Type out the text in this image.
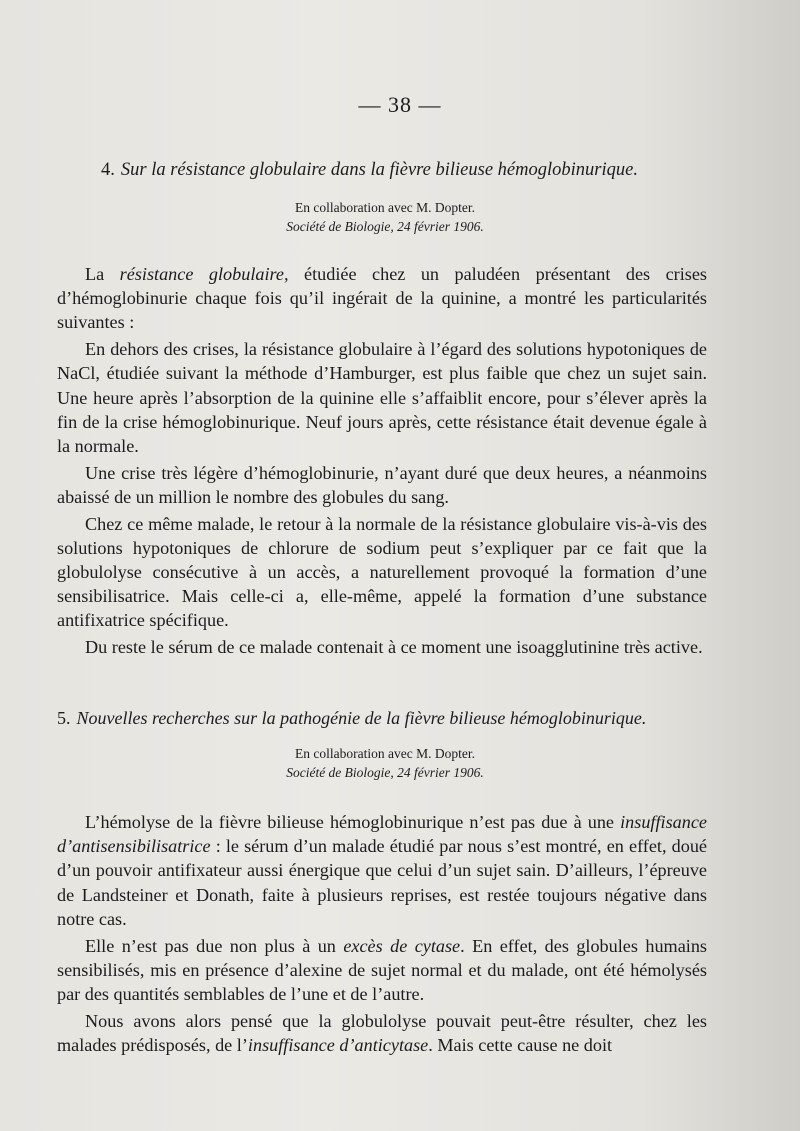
— 38 —
4. Sur la résistance globulaire dans la fièvre bilieuse hémoglobinurique.
En collaboration avec M. Dopter.
Société de Biologie, 24 février 1906.

La résistance globulaire, étudiée chez un paludéen présentant des crises d’hémoglobinurie chaque fois qu’il ingérait de la quinine, a montré les particularités suivantes :

En dehors des crises, la résistance globulaire à l’égard des solutions hypotoniques de NaCl, étudiée suivant la méthode d’Hamburger, est plus faible que chez un sujet sain. Une heure après l’absorption de la quinine elle s’affaiblit encore, pour s’élever après la fin de la crise hémoglobinurique. Neuf jours après, cette résistance était devenue égale à la normale.

Une crise très légère d’hémoglobinurie, n’ayant duré que deux heures, a néanmoins abaissé de un million le nombre des globules du sang.

Chez ce même malade, le retour à la normale de la résistance globulaire vis-à-vis des solutions hypotoniques de chlorure de sodium peut s’expliquer par ce fait que la globulolyse consécutive à un accès, a naturellement provoqué la formation d’une sensibilisatrice. Mais celle-ci a, elle-même, appelé la formation d’une substance antifixatrice spécifique.

Du reste le sérum de ce malade contenait à ce moment une isoagglutinine très active.

5. Nouvelles recherches sur la pathogénie de la fièvre bilieuse hémoglobinurique.
En collaboration avec M. Dopter.
Société de Biologie, 24 février 1906.

L’hémolyse de la fièvre bilieuse hémoglobinurique n’est pas due à une insuffisance d’antisensibilisatrice : le sérum d’un malade étudié par nous s’est montré, en effet, doué d’un pouvoir antifixateur aussi énergique que celui d’un sujet sain. D’ailleurs, l’épreuve de Landsteiner et Donath, faite à plusieurs reprises, est restée toujours négative dans notre cas.

Elle n’est pas due non plus à un excès de cytase. En effet, des globules humains sensibilisés, mis en présence d’alexine de sujet normal et du malade, ont été hémolysés par des quantités semblables de l’une et de l’autre.

Nous avons alors pensé que la globulolyse pouvait peut-être résulter, chez les malades prédisposés, de l’insuffisance d’anticytase. Mais cette cause ne doit
